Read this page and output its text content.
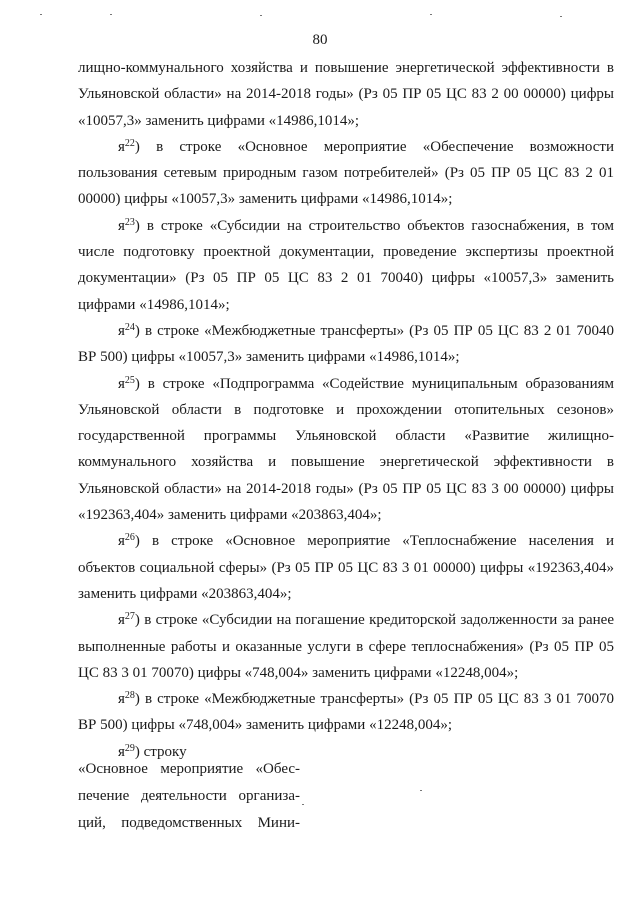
80

лищно-коммунального хозяйства и повышение энергетической эффективности в Ульяновской области» на 2014-2018 годы» (Рз 05 ПР 05 ЦС 83 2 00 00000) цифры «10057,3» заменить цифрами «14986,1014»;

$я^{22}$) в строке «Основное мероприятие «Обеспечение возможности пользования сетевым природным газом потребителей» (Рз 05 ПР 05 ЦС 83 2 01 00000) цифры «10057,3» заменить цифрами «14986,1014»;

$я^{23}$) в строке «Субсидии на строительство объектов газоснабжения, в том числе подготовку проектной документации, проведение экспертизы проектной документации» (Рз 05 ПР 05 ЦС 83 2 01 70040) цифры «10057,3» заменить цифрами «14986,1014»;

$я^{24}$) в строке «Межбюджетные трансферты» (Рз 05 ПР 05 ЦС 83 2 01 70040 ВР 500) цифры «10057,3» заменить цифрами «14986,1014»;

$я^{25}$) в строке «Подпрограмма «Содействие муниципальным образованиям Ульяновской области в подготовке и прохождении отопительных сезонов» государственной программы Ульяновской области «Развитие жилищно-коммунального хозяйства и повышение энергетической эффективности в Ульяновской области» на 2014-2018 годы» (Рз 05 ПР 05 ЦС 83 3 00 00000) цифры «192363,404» заменить цифрами «203863,404»;

$я^{26}$) в строке «Основное мероприятие «Теплоснабжение населения и объектов социальной сферы» (Рз 05 ПР 05 ЦС 83 3 01 00000) цифры «192363,404» заменить цифрами «203863,404»;

$я^{27}$) в строке «Субсидии на погашение кредиторской задолженности за ранее выполненные работы и оказанные услуги в сфере теплоснабжения» (Рз 05 ПР 05 ЦС 83 3 01 70070) цифры «748,004» заменить цифрами «12248,004»;

$я^{28}$) в строке «Межбюджетные трансферты» (Рз 05 ПР 05 ЦС 83 3 01 70070 ВР 500) цифры «748,004» заменить цифрами «12248,004»;

$я^{29}$) строку

«Основное мероприятие «Обес-
печение деятельности организа-
ций, подведомственных Мини-
